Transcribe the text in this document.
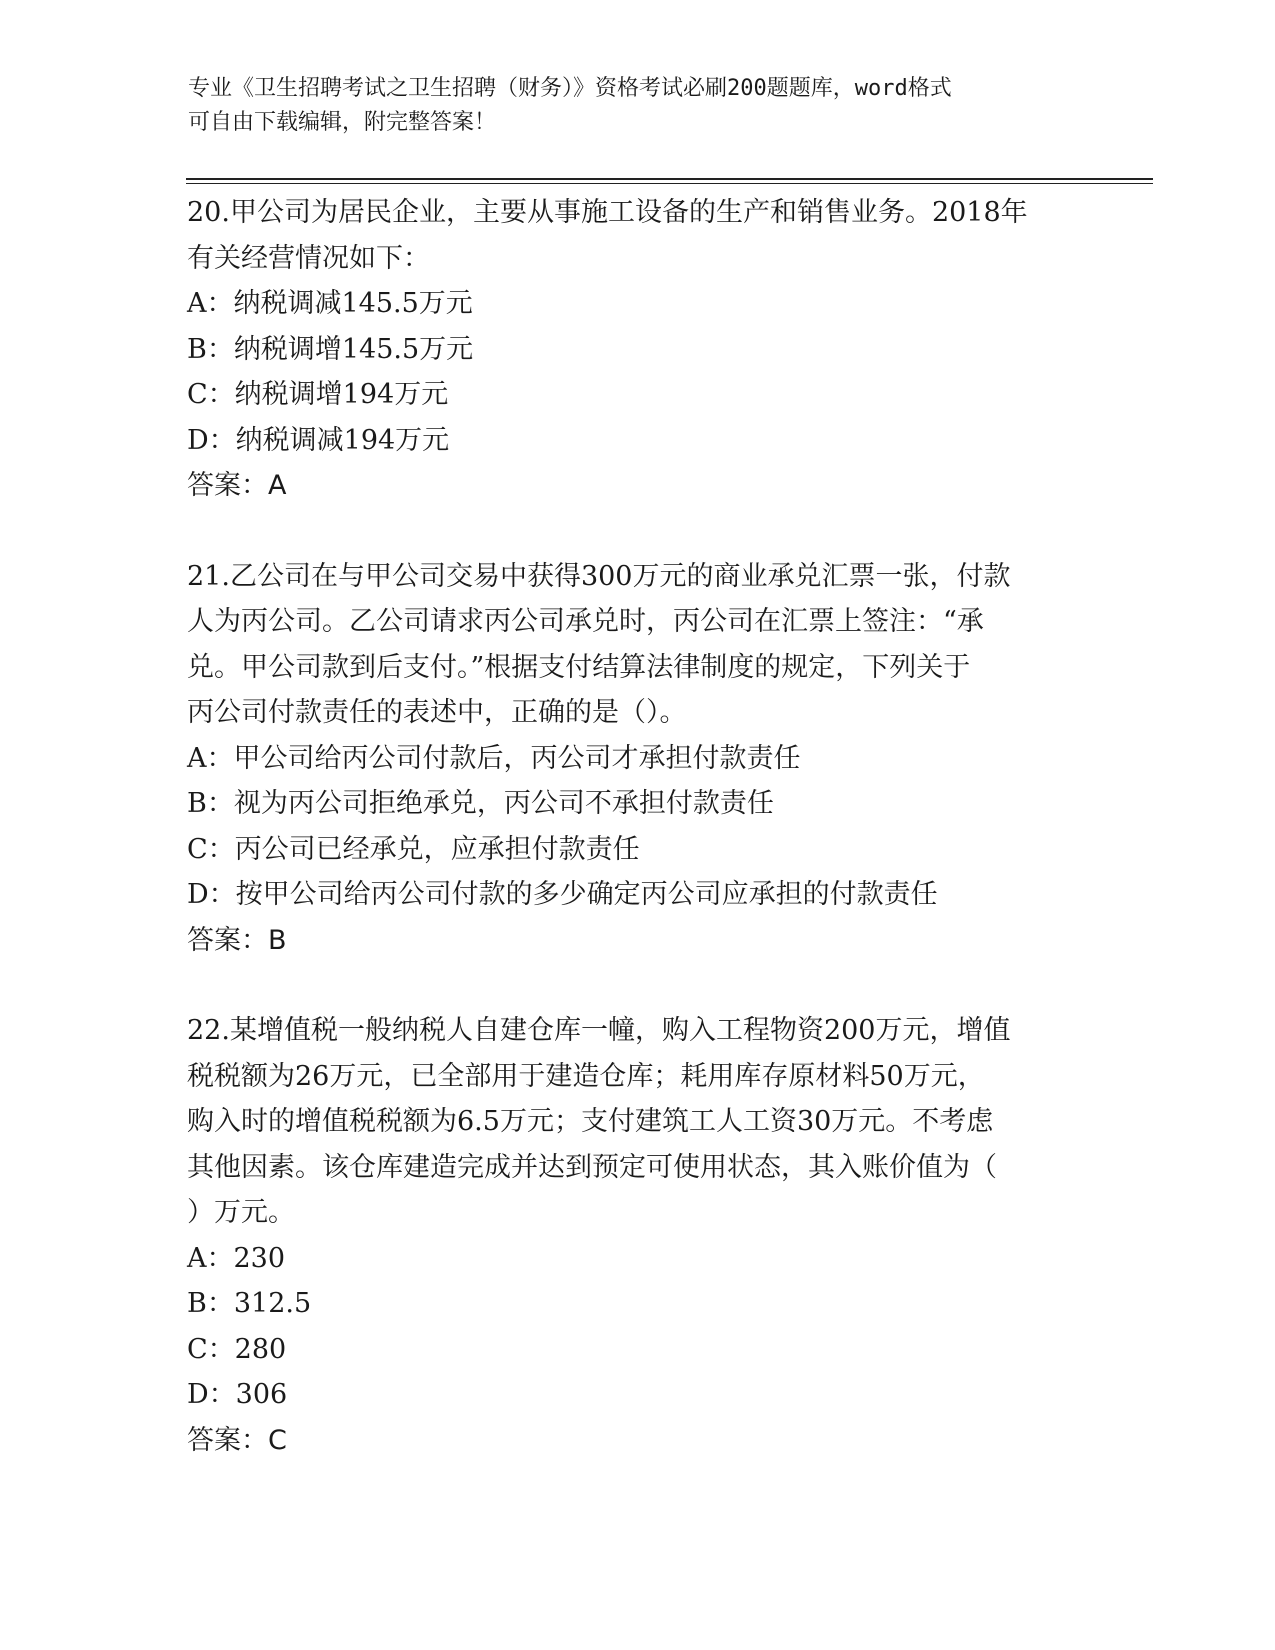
专业《卫生招聘考试之卫生招聘（财务）》资格考试必刷200题题库，word格式
可自由下载编辑，附完整答案！
20.甲公司为居民企业，主要从事施工设备的生产和销售业务。2018年
有关经营情况如下：
A：纳税调减145.5万元
B：纳税调增145.5万元
C：纳税调增194万元
D：纳税调减194万元
答案：A
21.乙公司在与甲公司交易中获得300万元的商业承兑汇票一张，付款
人为丙公司。乙公司请求丙公司承兑时，丙公司在汇票上签注：“承
兑。甲公司款到后支付。”根据支付结算法律制度的规定，下列关于
丙公司付款责任的表述中，正确的是（）。
A：甲公司给丙公司付款后，丙公司才承担付款责任
B：视为丙公司拒绝承兑，丙公司不承担付款责任
C：丙公司已经承兑，应承担付款责任
D：按甲公司给丙公司付款的多少确定丙公司应承担的付款责任
答案：B
22.某增值税一般纳税人自建仓库一幢，购入工程物资200万元，增值
税税额为26万元，已全部用于建造仓库；耗用库存原材料50万元，
购入时的增值税税额为6.5万元；支付建筑工人工资30万元。不考虑
其他因素。该仓库建造完成并达到预定可使用状态，其入账价值为（
）万元。
A：230
B：312.5
C：280
D：306
答案：C
